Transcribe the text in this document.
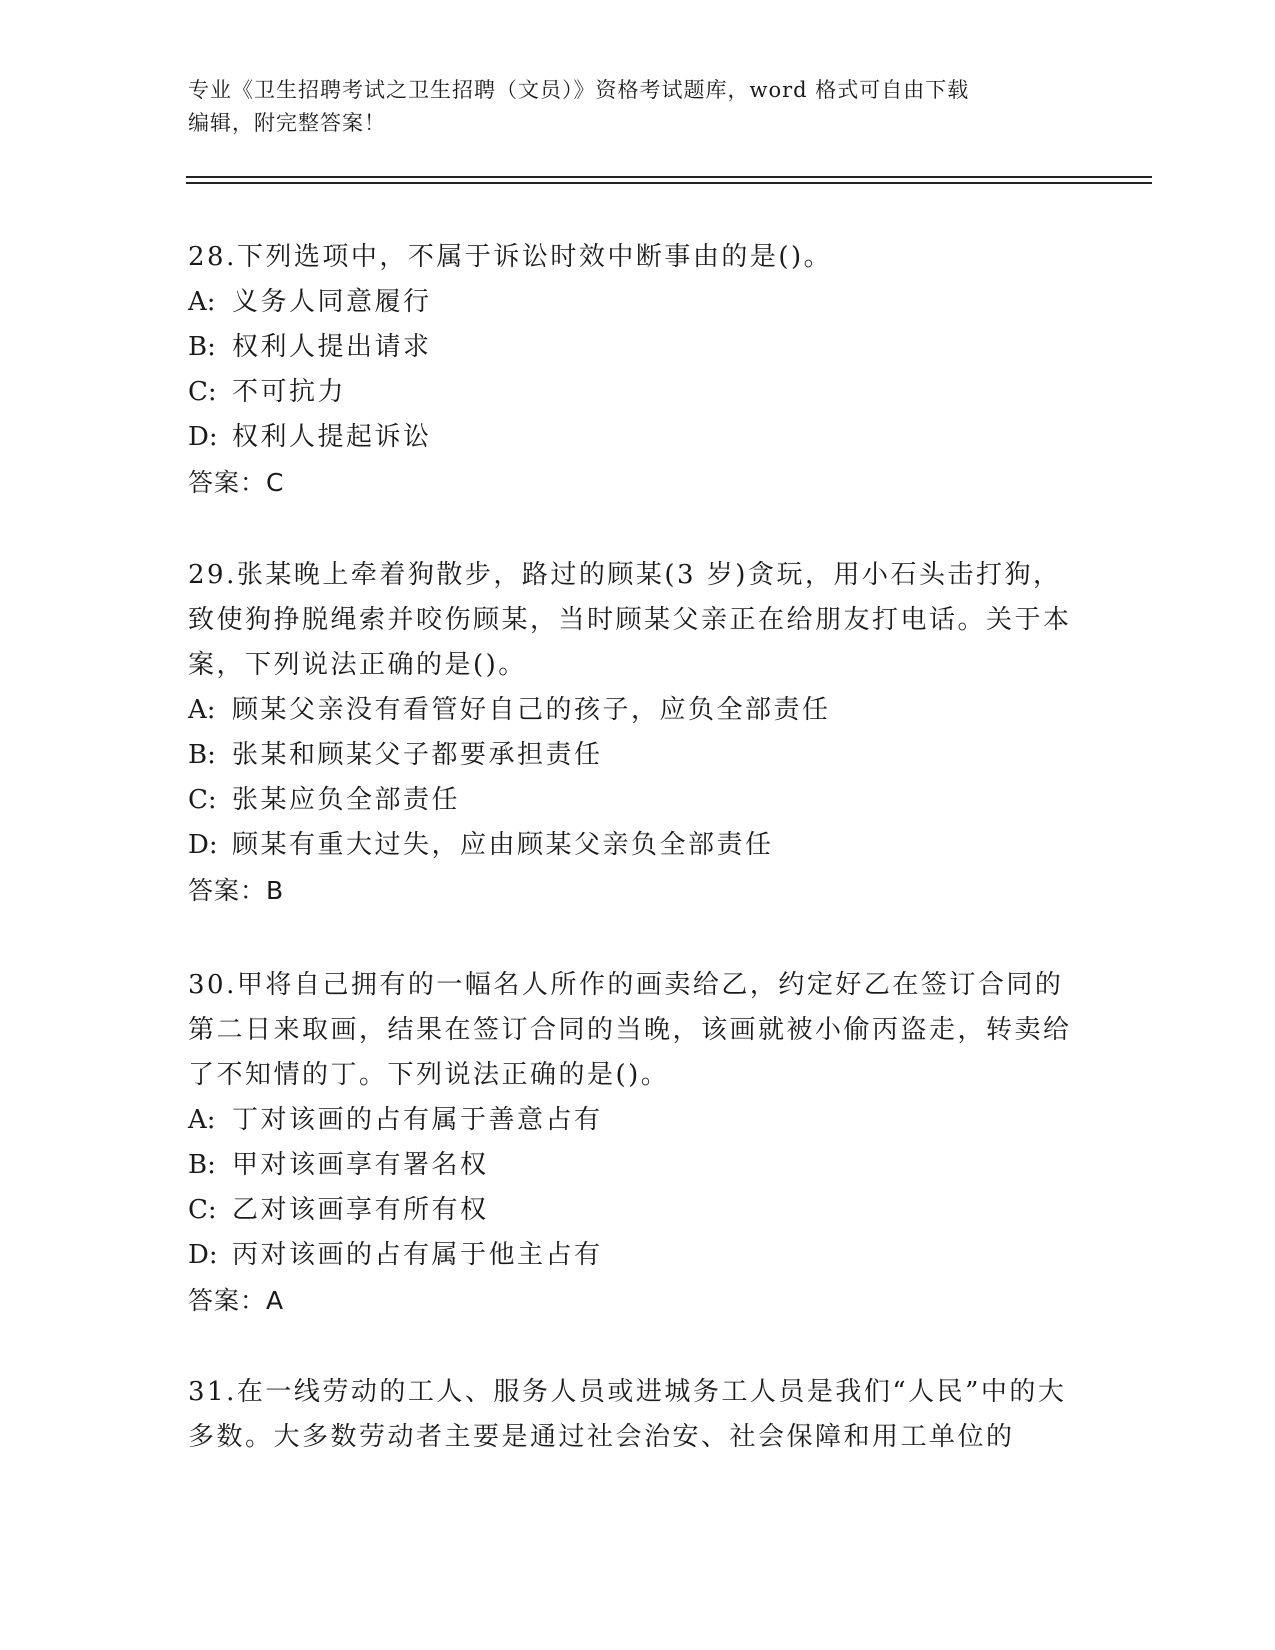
专业《卫生招聘考试之卫生招聘（文员）》资格考试题库，word 格式可自由下载
编辑，附完整答案！

28.下列选项中，不属于诉讼时效中断事由的是()。

A: 义务人同意履行
B: 权利人提出请求
C: 不可抗力
D: 权利人提起诉讼
答案：C

29.张某晚上牵着狗散步，路过的顾某(3 岁)贪玩，用小石头击打狗，致使狗挣脱绳索并咬伤顾某，当时顾某父亲正在给朋友打电话。关于本案，下列说法正确的是()。

A: 顾某父亲没有看管好自己的孩子，应负全部责任
B: 张某和顾某父子都要承担责任
C: 张某应负全部责任
D: 顾某有重大过失，应由顾某父亲负全部责任
答案：B

30.甲将自己拥有的一幅名人所作的画卖给乙，约定好乙在签订合同的第二日来取画，结果在签订合同的当晚，该画就被小偷丙盗走，转卖给了不知情的丁。下列说法正确的是()。

A: 丁对该画的占有属于善意占有
B: 甲对该画享有署名权
C: 乙对该画享有所有权
D: 丙对该画的占有属于他主占有
答案：A

31.在一线劳动的工人、服务人员或进城务工人员是我们“人民”中的大多数。大多数劳动者主要是通过社会治安、社会保障和用工单位的
